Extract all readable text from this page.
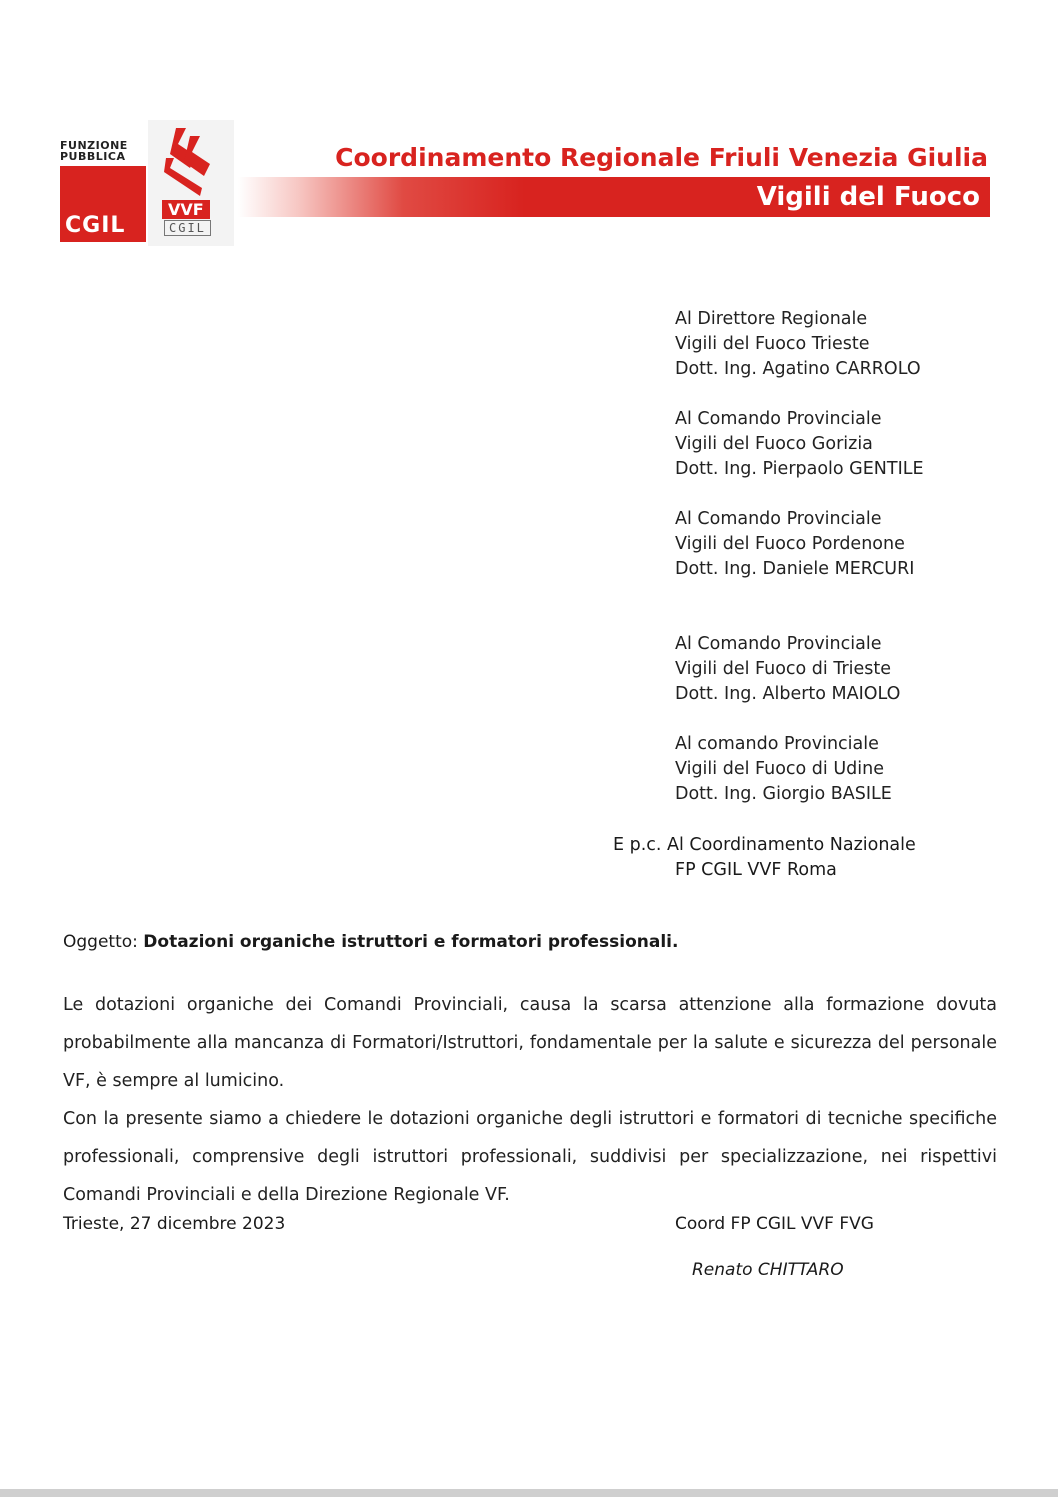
FUNZIONE PUBBLICA
CGIL
VVF
CGIL
Coordinamento Regionale Friuli Venezia Giulia
Vigili del Fuoco
Al Direttore Regionale
Vigili del Fuoco Trieste
Dott. Ing. Agatino CARROLO
Al Comando Provinciale
Vigili del Fuoco Gorizia
Dott. Ing. Pierpaolo GENTILE
Al Comando Provinciale
Vigili del Fuoco Pordenone
Dott. Ing. Daniele MERCURI
Al Comando Provinciale
Vigili del Fuoco di Trieste
Dott. Ing. Alberto MAIOLO
Al comando Provinciale
Vigili del Fuoco di Udine
Dott. Ing. Giorgio BASILE
E p.c. Al Coordinamento Nazionale
FP CGIL VVF Roma
Oggetto: Dotazioni organiche istruttori e formatori professionali.

Le dotazioni organiche dei Comandi Provinciali, causa la scarsa attenzione alla formazione dovuta probabilmente alla mancanza di Formatori/Istruttori, fondamentale per la salute e sicurezza del personale VF, è sempre al lumicino.

Con la presente siamo a chiedere le dotazioni organiche degli istruttori e formatori di tecniche specifiche professionali, comprensive degli istruttori professionali, suddivisi per specializzazione, nei rispettivi Comandi Provinciali e della Direzione Regionale VF.

Trieste, 27 dicembre 2023	Coord FP CGIL VVF FVG
Renato CHITTARO
